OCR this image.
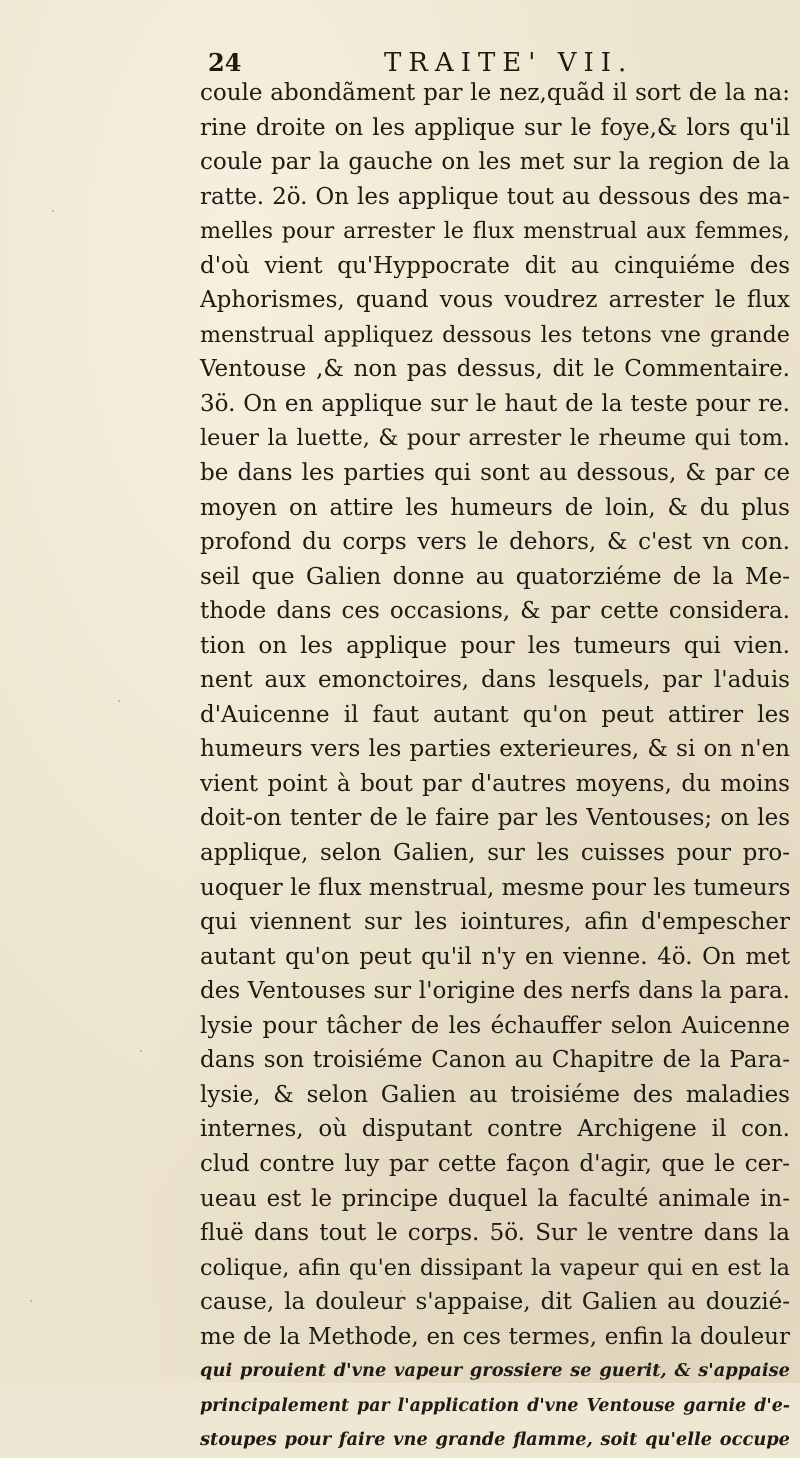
24	TRAITE' VII.
coule abondãment par le nez,quãd il sort de la na:
rine droite on les applique sur le foye,& lors qu'il
coule par la gauche on les met sur la region de la
ratte. 2ö. On les applique tout au dessous des ma-
melles pour arrester le flux menstrual aux femmes,
d'où vient qu'Hyppocrate dit au cinquiéme des
Aphorismes, quand vous voudrez arrester le flux
menstrual appliquez dessous les tetons vne grande
Ventouse ,& non pas dessus, dit le Commentaire.
3ö. On en applique sur le haut de la teste pour re.
leuer la luette, & pour arrester le rheume qui tom.
be dans les parties qui sont au dessous, & par ce
moyen on attire les humeurs de loin, & du plus
profond du corps vers le dehors, & c'est vn con.
seil que Galien donne au quatorziéme de la Me-
thode dans ces occasions, & par cette considera.
tion on les applique pour les tumeurs qui vien.
nent aux emonctoires, dans lesquels, par l'aduis
d'Auicenne il faut autant qu'on peut attirer les
humeurs vers les parties exterieures, & si on n'en
vient point à bout par d'autres moyens, du moins
doit-on tenter de le faire par les Ventouses; on les
applique, selon Galien, sur les cuisses pour pro-
uoquer le flux menstrual, mesme pour les tumeurs
qui viennent sur les iointures, afin d'empescher
autant qu'on peut qu'il n'y en vienne. 4ö. On met
des Ventouses sur l'origine des nerfs dans la para.
lysie pour tâcher de les échauffer selon Auicenne
dans son troisiéme Canon au Chapitre de la Para-
lysie, & selon Galien au troisiéme des maladies
internes, où disputant contre Archigene il con.
clud contre luy par cette façon d'agir, que le cer-
ueau est le principe duquel la faculté animale in-
fluë dans tout le corps. 5ö. Sur le ventre dans la
colique, afin qu'en dissipant la vapeur qui en est la
cause, la douleur s'appaise, dit Galien au douzié-
me de la Methode, en ces termes, enfin la douleur
qui prouient d'vne vapeur grossiere se guerit, & s'appaise
principalement par l'application d'vne Ventouse garnie d'e-
stoupes pour faire vne grande flamme, soit qu'elle occupe
